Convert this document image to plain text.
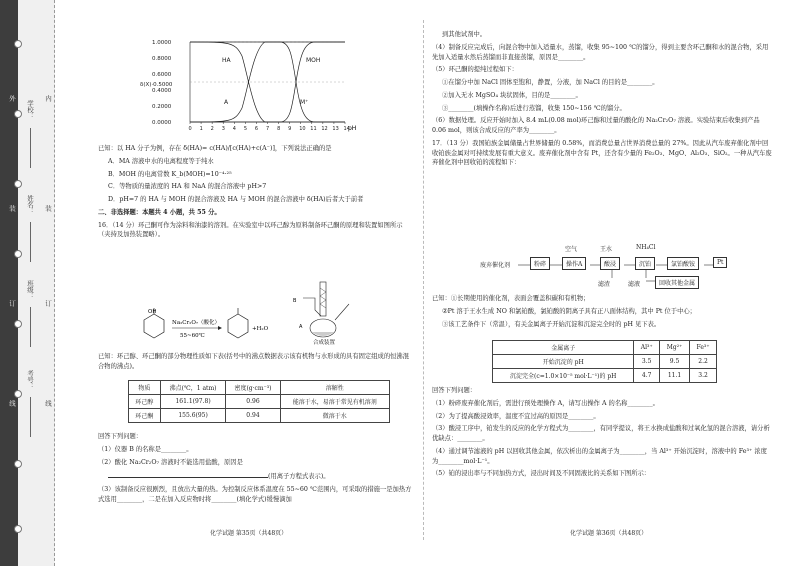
外
装
订
线
学校：
姓名：
班级：
考号：
内
装
订
线
1.0000
0.8000
0.6000
δ(X)·0.5000
0.4000
0.2000
0.0000
HA	MOH
A	M⁺
0 1 2 3 4 5 6 7 8 9 10 11 12 13 14
pH

已知：以 HA 分子为例，存在 δ(HA)= c(HA)/[c(HA)+c(A⁻)]，下列说法正确的是

A．MA 溶液中水的电离程度等于纯水

B．MOH 的电离常数 K_b(MOH)=10⁻⁴·²⁵

C．等物质的量浓度的 HA 和 NaA 的混合溶液中 pH>7

D．pH=7 的 HA 与 MOH 的混合溶液及 HA 与 MOH 的混合溶液中 δ(HA)后者大于前者

二、非选择题：本题共 4 小题，共 55 分。

16．（14 分）环己酮可作为涂料和油漆的溶剂。在实验室中以环己醇为原料制备环己酮的原理和装置如图所示（夹持及加热装置略）。

OH
Na₂Cr₂O₇（酸化）
55~60℃
+H₂O
B
A
合成装置

已知：环己醇、环己酮的部分物理性质如下表(括号中的沸点数据表示该有机物与水形成的具有固定组成的恒沸混合物的沸点)。

物质	沸点(℃，1 atm)	密度(g·cm⁻³)	溶解性
环己醇	161.1(97.8)	0.96	能溶于水，易溶于常见有机溶剂
环己酮	155.6(95)	0.94	微溶于水

回答下列问题：

（1）仪器 B 的名称是________。

（2）酸化 Na₂Cr₂O₇ 溶液时不能选用盐酸，原因是

(用离子方程式表示)。

（3）该制备反应很剧烈，且放出大量的热。为控制反应体系温度在 55~60 ℃范围内，可采取的措施一是加热方式选用________，二是在加入反应物时将________(填化学式)缓慢滴加

化学试题 第35页（共48页）

到其他试剂中。

（4）制备反应完成后，向混合物中加入适量水，蒸馏，收集 95~100 ℃的馏分，得到主要含环己酮和水的混合物，采用先加入适量水然后蒸馏而非直接蒸馏，原因是________。

（5）环己酮的提纯过程如下：

①在馏分中加 NaCl 固体至饱和，静置，分液，加 NaCl 的目的是________。

②加入无水 MgSO₄ 块状固体，目的是________。

③________(填操作名称)后进行蒸馏，收集 150~156 ℃的馏分。

（6）数据处理。反应开始时加入 8.4 mL(0.08 mol)环己醇和过量的酸化的 Na₂Cr₂O₇ 溶液。实验结束后收集到产品 0.06 mol，则该合成反应的产率为________。

17．（13 分）我国铂族金属储量占世界储量的 0.58%，而消费总量占世界消费总量的 27%。因此从汽车废弃催化剂中回收铂族金属对可持续发展有重大意义。废弃催化剂中含有 Pt，还含有少量的 Fe₂O₃、MgO、Al₂O₃、SiO₂。一种从汽车废弃催化剂中回收铂的流程如下：

废弃催化剂	粉碎	操作A	酸浸	沉铂	氯铂酸铵	Pt
空气	王水	NH₄Cl
滤渣	滤液	回收其他金属

已知：①长期使用的催化剂，表面会覆盖积碳和有机物；

②Pt 溶于王水生成 NO 和氯铂酸，氯铂酸的阴离子具有正八面体结构，其中 Pt 位于中心；

③该工艺条件下（常温），有关金属离子开始沉淀和沉淀完全时的 pH 见下表。

金属离子	Al³⁺	Mg²⁺	Fe³⁺
开始沉淀的 pH	3.5	9.5	2.2
沉淀完全(c=1.0×10⁻⁵ mol·L⁻¹)的 pH	4.7	11.1	3.2

回答下列问题：

（1）粉碎废弃催化剂后，需进行预处理操作 A，请写出操作 A 的名称________。

（2）为了提高酸浸效率，温度不宜过高的原因是________。

（3）酸浸工序中，铂发生的反应的化学方程式为________，有同学提议，将王水换成盐酸和过氧化氢的混合溶液，请分析优缺点：________。

（4）通过调节滤液的 pH 以回收其他金属，依次析出的金属离子为________，当 Al³⁺ 开始沉淀时，溶液中的 Fe³⁺ 浓度为________mol·L⁻¹。

（5）铂的浸出率与不同加热方式，浸出时间及不同固液比的关系如下图所示：

化学试题 第36页（共48页）
